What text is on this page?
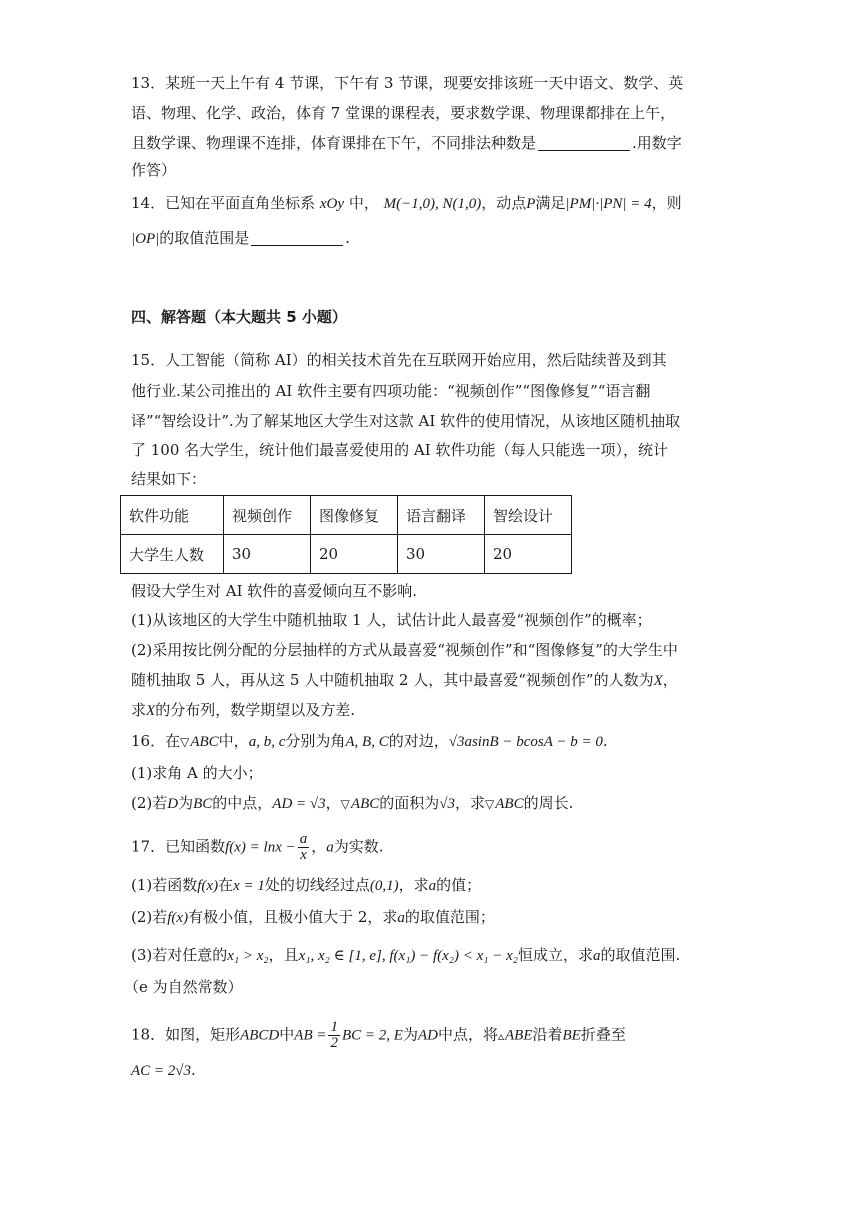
13．某班一天上午有 4 节课，下午有 3 节课，现要安排该班一天中语文、数学、英
语、物理、化学、政治，体育 7 堂课的课程表，要求数学课、物理课都排在上午，
且数学课、物理课不连排，体育课排在下午，不同排法种数是	.用数字
作答）
14．已知在平面直角坐标系 xOy 中， M(−1,0), N(1,0)，动点P满足|PM|·|PN| = 4，则
|OP|的取值范围是	.
四、解答题（本大题共 5 小题）
15．人工智能（简称 AI）的相关技术首先在互联网开始应用，然后陆续普及到其
他行业.某公司推出的 AI 软件主要有四项功能：“视频创作”“图像修复”“语言翻
译”“智绘设计”.为了解某地区大学生对这款 AI 软件的使用情况，从该地区随机抽取
了 100 名大学生，统计他们最喜爱使用的 AI 软件功能（每人只能选一项），统计
结果如下：
软件功能	视频创作	图像修复	语言翻译	智绘设计
大学生人数	30	20	30	20
假设大学生对 AI 软件的喜爱倾向互不影响.
(1)从该地区的大学生中随机抽取 1 人，试估计此人最喜爱“视频创作”的概率；
(2)采用按比例分配的分层抽样的方式从最喜爱“视频创作”和“图像修复”的大学生中
随机抽取 5 人，再从这 5 人中随机抽取 2 人，其中最喜爱“视频创作”的人数为X，
求X的分布列，数学期望以及方差.
16．在▽ABC中，a, b, c分别为角A, B, C的对边，√3asinB − bcosA − b = 0.
(1)求角 A 的大小；
(2)若D为BC的中点，AD = √3，▽ABC的面积为√3，求▽ABC的周长.
17．已知函数$f(x) = \ln x - \frac{a}{x}$ ，a为实数.
(1)若函数f(x)在x = 1处的切线经过点(0,1)，求a的值；
(2)若f(x)有极小值，且极小值大于 2，求a的取值范围；
(3)若对任意的x₁ > x₂，且x₁, x₂ ∈ [1, e], f(x₁) − f(x₂) < x₁ − x₂恒成立，求a的取值范围.
（e 为自然常数）
18．如图，矩形ABCD中AB = $\frac{1}{2}$ BC = 2, E为AD中点，将▵ABE沿着BE折叠至
AC = 2√3.
